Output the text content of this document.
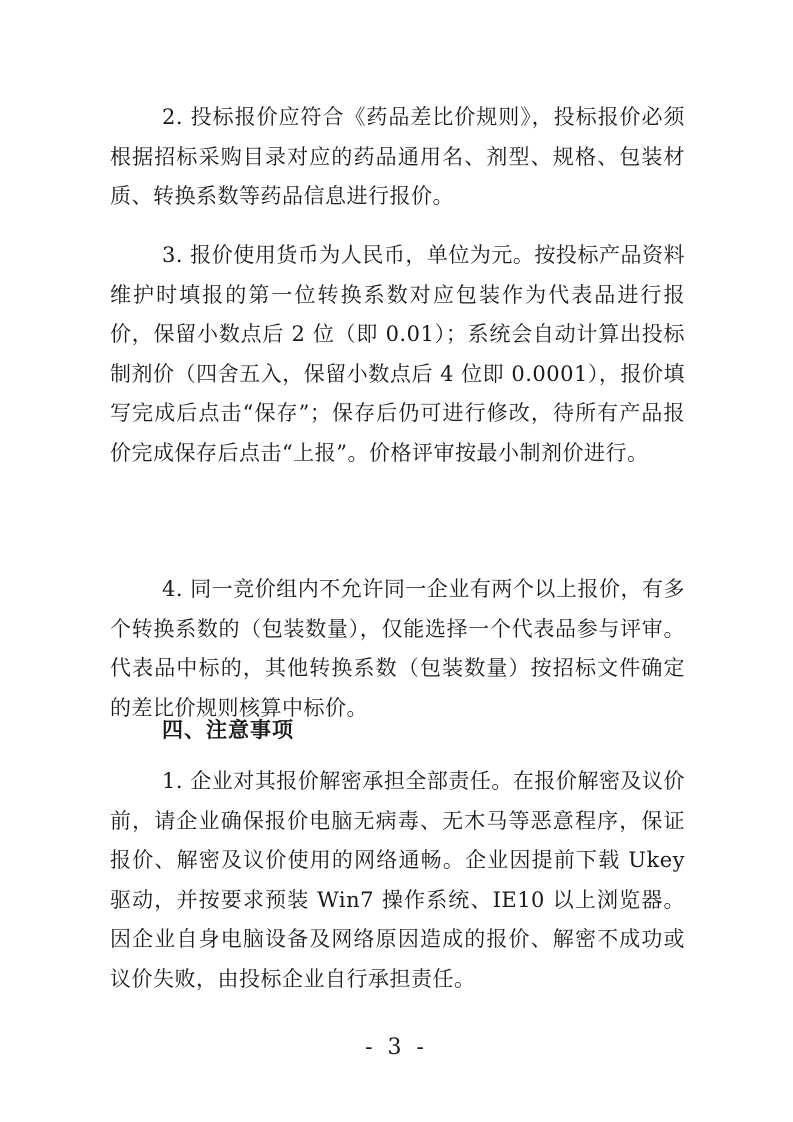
2. 投标报价应符合《药品差比价规则》，投标报价必须根据招标采购目录对应的药品通用名、剂型、规格、包装材质、转换系数等药品信息进行报价。

3. 报价使用货币为人民币，单位为元。按投标产品资料维护时填报的第一位转换系数对应包装作为代表品进行报价，保留小数点后 2 位（即 0.01）；系统会自动计算出投标制剂价（四舍五入，保留小数点后 4 位即 0.0001），报价填写完成后点击“保存”；保存后仍可进行修改，待所有产品报价完成保存后点击“上报”。价格评审按最小制剂价进行。

4. 同一竞价组内不允许同一企业有两个以上报价，有多个转换系数的（包装数量），仅能选择一个代表品参与评审。代表品中标的，其他转换系数（包装数量）按招标文件确定的差比价规则核算中标价。

四、注意事项

1. 企业对其报价解密承担全部责任。在报价解密及议价前，请企业确保报价电脑无病毒、无木马等恶意程序，保证报价、解密及议价使用的网络通畅。企业因提前下载 Ukey 驱动，并按要求预装 Win7 操作系统、IE10 以上浏览器。因企业自身电脑设备及网络原因造成的报价、解密不成功或议价失败，由投标企业自行承担责任。

- 3 -
